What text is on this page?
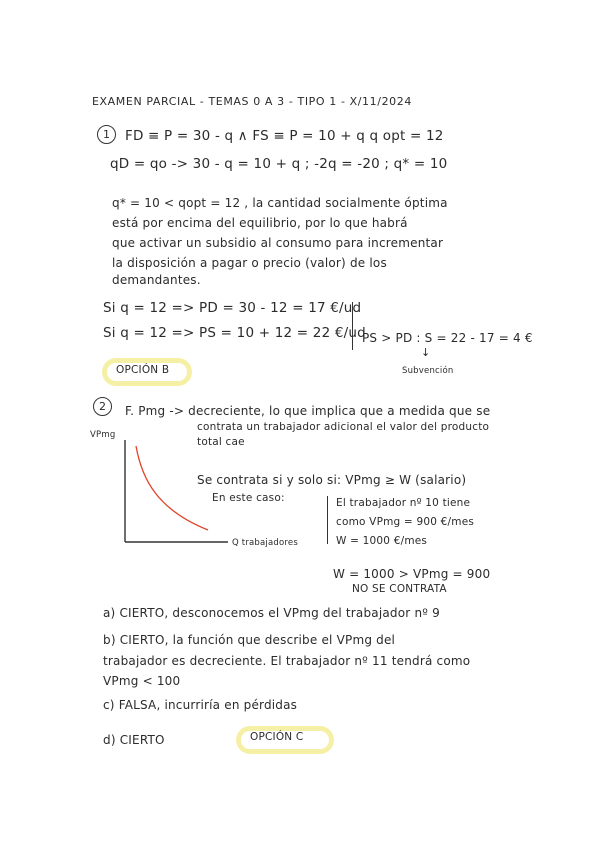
EXAMEN PARCIAL - TEMAS 0 A 3 - TIPO 1 - X/11/2024
1	FD ≡ P = 30 - q ∧ FS ≡ P = 10 + q q opt = 12
qD = qo -> 30 - q = 10 + q ; -2q = -20 ; q* = 10
q* = 10 < qopt = 12 , la cantidad socialmente óptima
está por encima del equilibrio, por lo que habrá
que activar un subsidio al consumo para incrementar
la disposición a pagar o precio (valor) de los
demandantes.
Si q = 12 => PD = 30 - 12 = 17 €/ud
Si q = 12 => PS = 10 + 12 = 22 €/ud
PS > PD : S = 22 - 17 = 4 €
↓
Subvención
OPCIÓN B
2	F. Pmg -> decreciente, lo que implica que a medida que se
contrata un trabajador adicional el valor del producto
total cae
VPmg
Q trabajadores
Se contrata si y solo si: VPmg ≥ W (salario)
En este caso:	El trabajador nº 10 tiene
como VPmg = 900 €/mes
W = 1000 €/mes
W = 1000 > VPmg = 900
NO SE CONTRATA
a) CIERTO, desconocemos el VPmg del trabajador nº 9
b) CIERTO, la función que describe el VPmg del
trabajador es decreciente. El trabajador nº 11 tendrá como
VPmg < 100
c) FALSA, incurriría en pérdidas
d) CIERTO	OPCIÓN C
